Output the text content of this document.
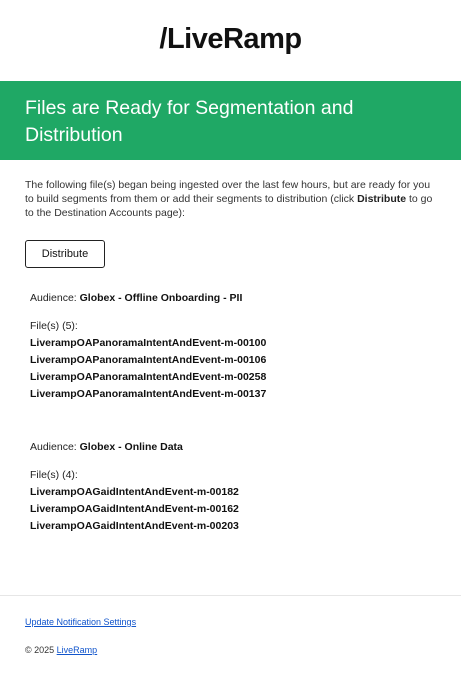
/LiveRamp
Files are Ready for Segmentation and Distribution

The following file(s) began being ingested over the last few hours, but are ready for you to build segments from them or add their segments to distribution (click Distribute to go to the Destination Accounts page):

Distribute

Audience: Globex - Offline Onboarding - PII

File(s) (5):

LiverampOAPanoramaIntentAndEvent-m-00100

LiverampOAPanoramaIntentAndEvent-m-00106

LiverampOAPanoramaIntentAndEvent-m-00258

LiverampOAPanoramaIntentAndEvent-m-00137

Audience: Globex - Online Data

File(s) (4):

LiverampOAGaidIntentAndEvent-m-00182

LiverampOAGaidIntentAndEvent-m-00162

LiverampOAGaidIntentAndEvent-m-00203

Update Notification Settings
© 2025 LiveRamp
